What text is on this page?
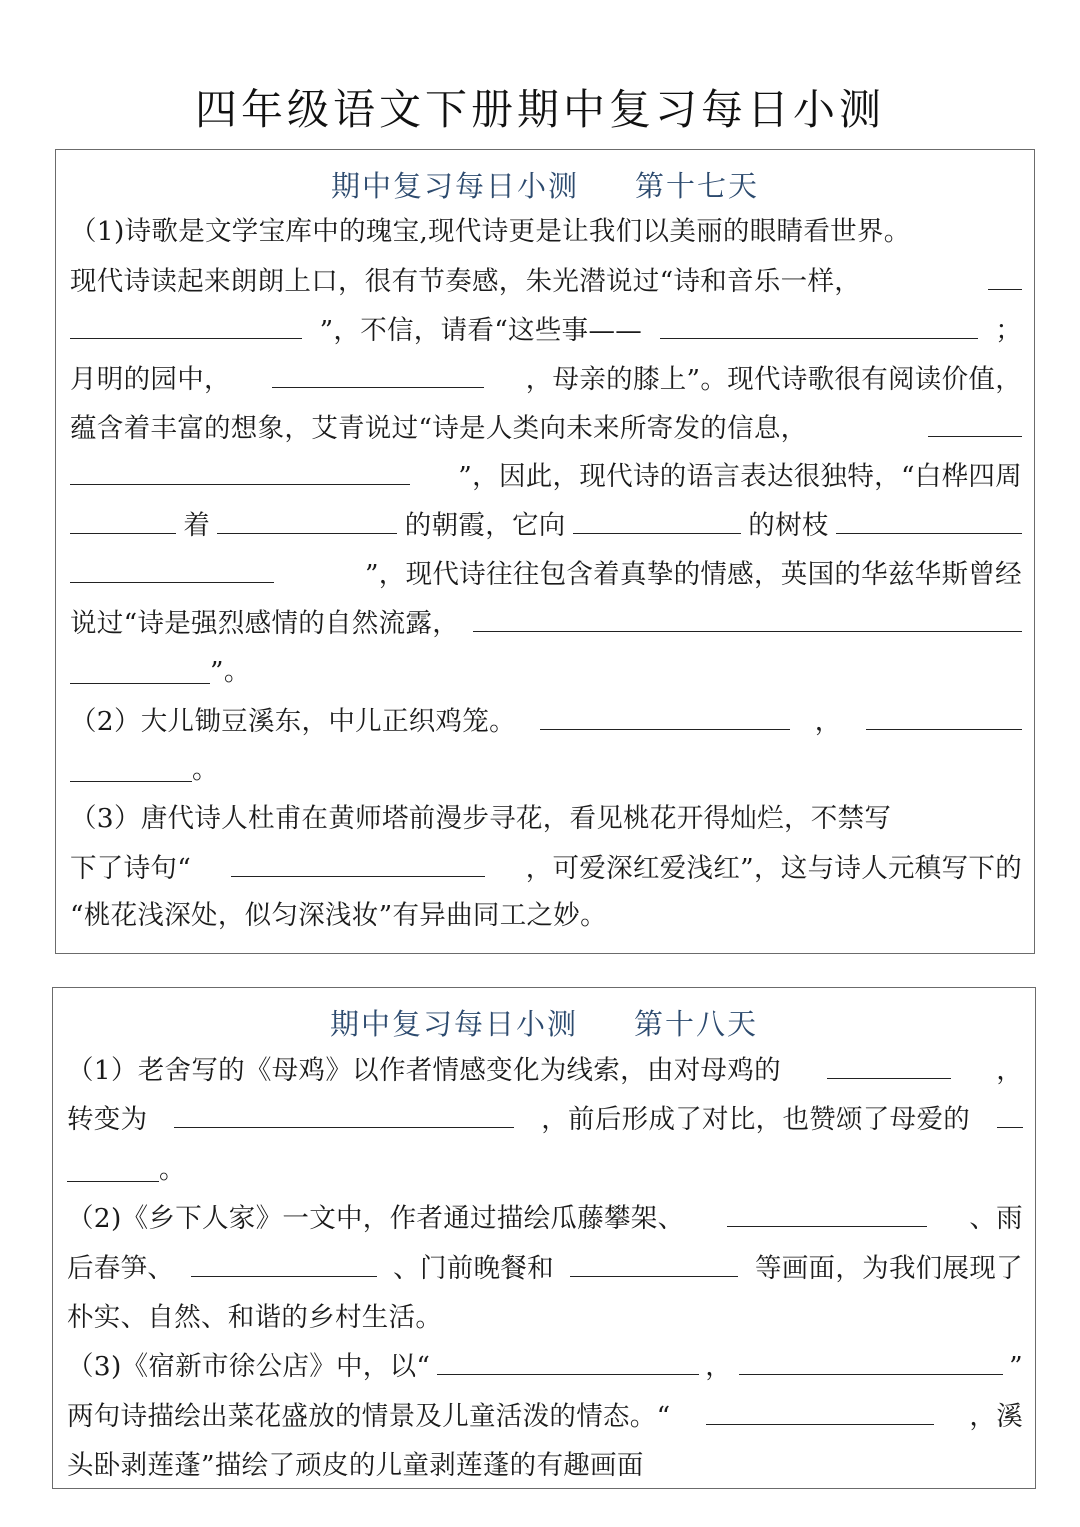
四年级语文下册期中复习每日小测
期中复习每日小测 第十七天
（1)诗歌是文学宝库中的瑰宝,现代诗更是让我们以美丽的眼睛看世界。
现代诗读起来朗朗上口，很有节奏感，朱光潜说过“诗和音乐一样，
”，不信，请看“这些事——	；
月明的园中，	，母亲的膝上”。现代诗歌很有阅读价值，
蕴含着丰富的想象，艾青说过“诗是人类向未来所寄发的信息，
”，因此，现代诗的语言表达很独特，“白桦四周
着	的朝霞，它向	的树枝
”，现代诗往往包含着真挚的情感，英国的华兹华斯曾经
说过“诗是强烈感情的自然流露，
”。
（2）大儿锄豆溪东，中儿正织鸡笼。	，
。
（3）唐代诗人杜甫在黄师塔前漫步寻花，看见桃花开得灿烂，不禁写
下了诗句“	，可爱深红爱浅红”，这与诗人元稹写下的
“桃花浅深处，似匀深浅妆”有异曲同工之妙。
期中复习每日小测 第十八天
（1）老舍写的《母鸡》以作者情感变化为线索，由对母鸡的	，
转变为	，前后形成了对比，也赞颂了母爱的
。
（2)《乡下人家》一文中，作者通过描绘瓜藤攀架、	、雨
后春笋、	、门前晚餐和	等画面，为我们展现了
朴实、自然、和谐的乡村生活。
（3)《宿新市徐公店》中，以“	，	”
两句诗描绘出菜花盛放的情景及儿童活泼的情态。“	，溪
头卧剥莲蓬”描绘了顽皮的儿童剥莲蓬的有趣画面
